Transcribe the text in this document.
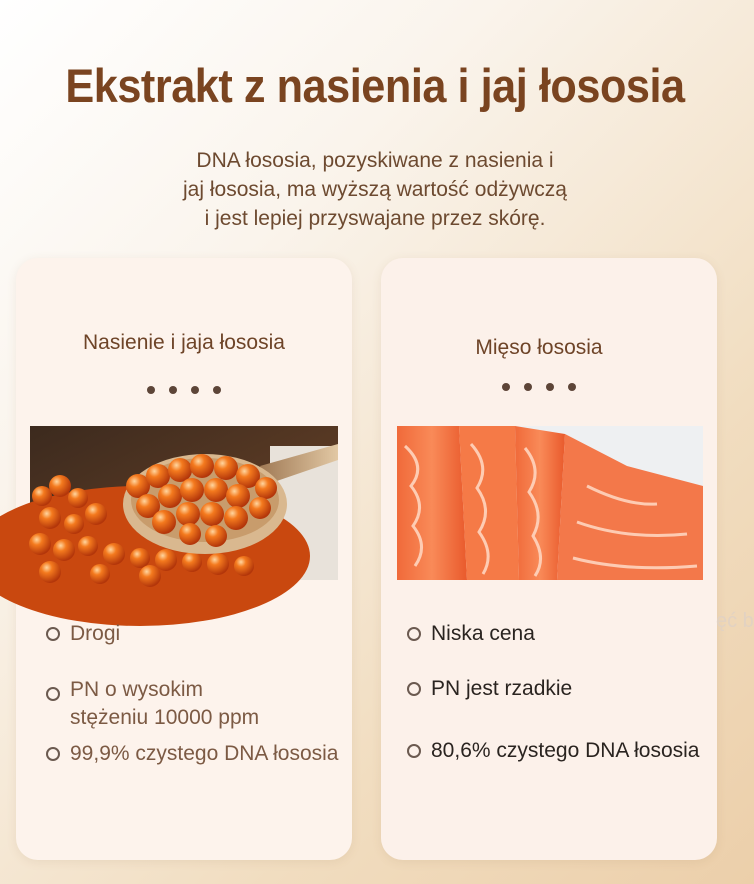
Ekstrakt z nasienia i jaj łososia
DNA łososia, pozyskiwane z nasienia i
jaj łososia, ma wyższą wartość odżywczą
i jest lepiej przyswajane przez skórę.
Nasienie i jaja łososia
Drogi
PN o wysokim
stężeniu 10000 ppm
99,9% czystego DNA łososia
Mięso łososia
Niska cena
PN jest rzadkie
80,6% czystego DNA łososia
ęć b
